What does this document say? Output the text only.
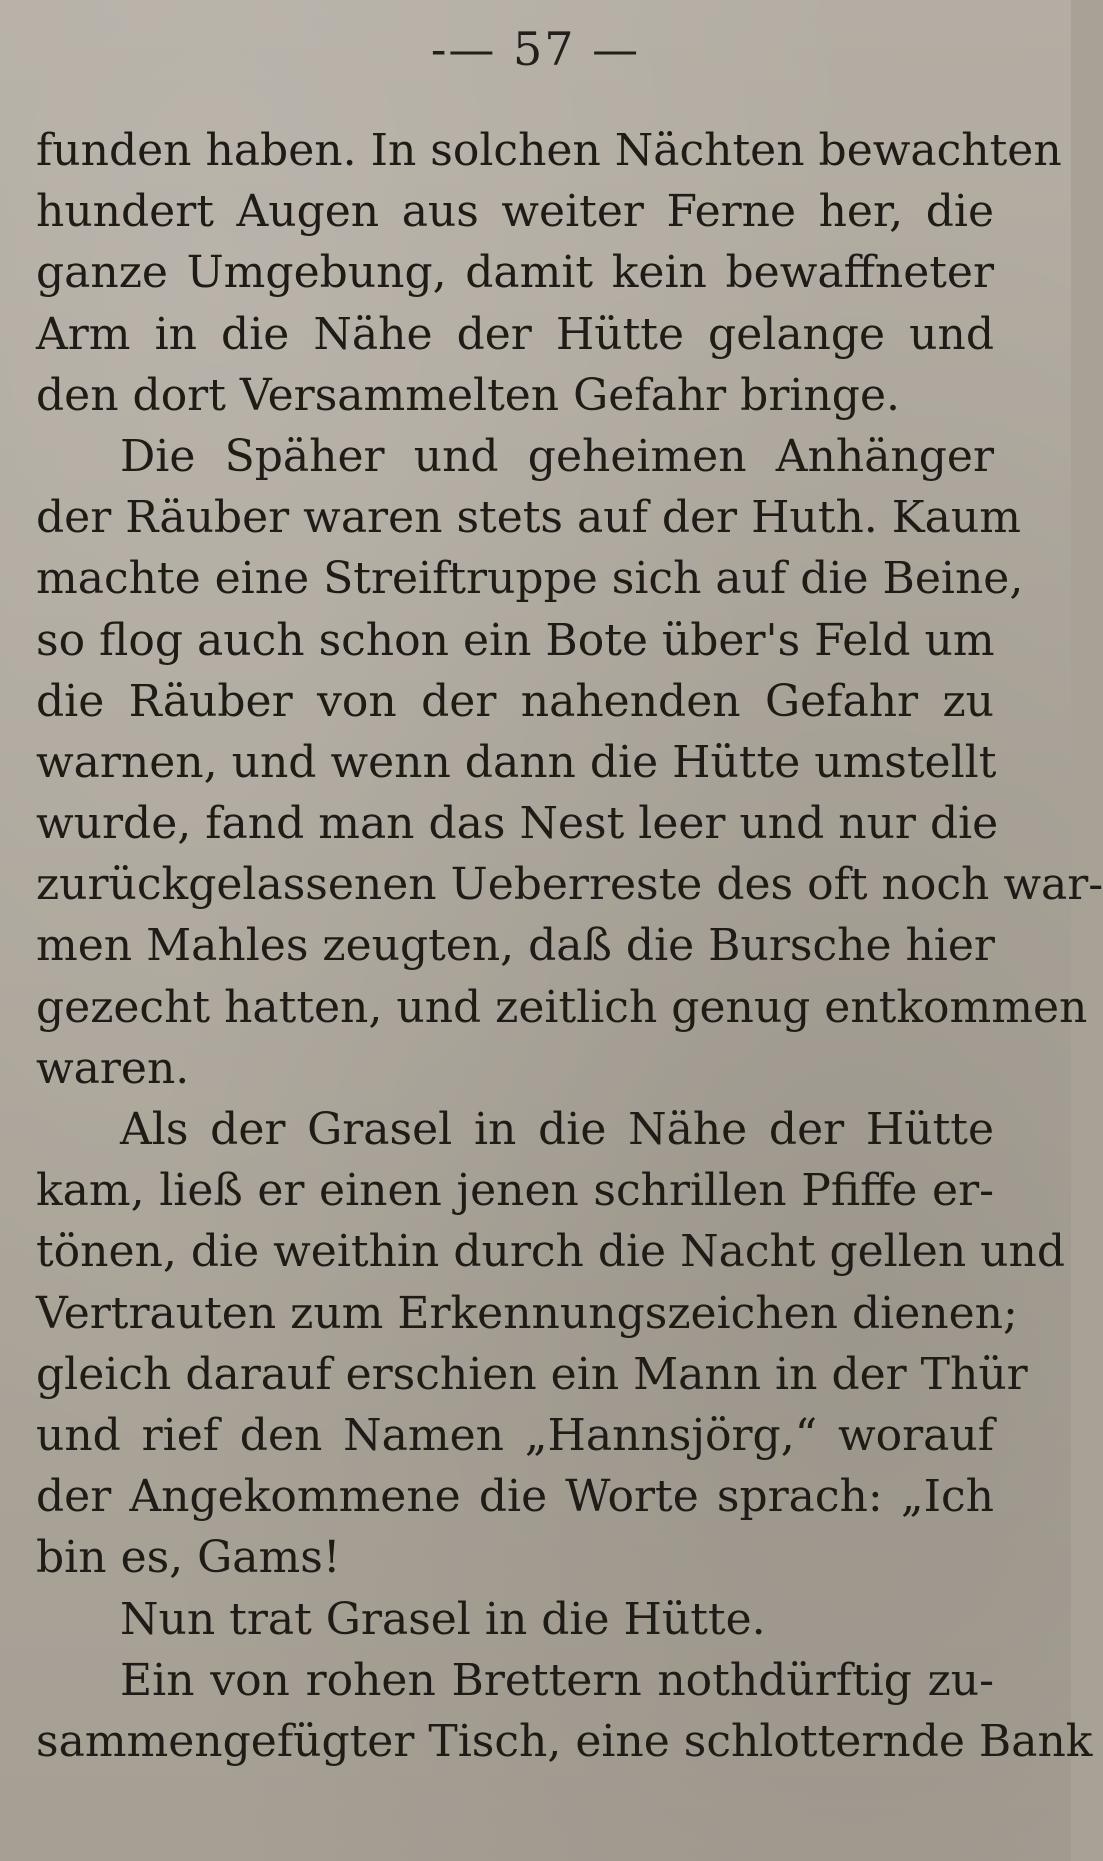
-— 57 —
funden haben. In solchen Nächten bewachten
hundert Augen aus weiter Ferne her, die
ganze Umgebung, damit kein bewaffneter
Arm in die Nähe der Hütte gelange und
den dort Versammelten Gefahr bringe.
Die Späher und geheimen Anhänger
der Räuber waren stets auf der Huth. Kaum
machte eine Streiftruppe sich auf die Beine,
so flog auch schon ein Bote über's Feld um
die Räuber von der nahenden Gefahr zu
warnen, und wenn dann die Hütte umstellt
wurde, fand man das Nest leer und nur die
zurückgelassenen Ueberreste des oft noch war-
men Mahles zeugten, daß die Bursche hier
gezecht hatten, und zeitlich genug entkommen
waren.
Als der Grasel in die Nähe der Hütte
kam, ließ er einen jenen schrillen Pfiffe er-
tönen, die weithin durch die Nacht gellen und
Vertrauten zum Erkennungszeichen dienen;
gleich darauf erschien ein Mann in der Thür
und rief den Namen „Hannsjörg,“ worauf
der Angekommene die Worte sprach: „Ich
bin es, Gams!
Nun trat Grasel in die Hütte.
Ein von rohen Brettern nothdürftig zu-
sammengefügter Tisch, eine schlotternde Bank
